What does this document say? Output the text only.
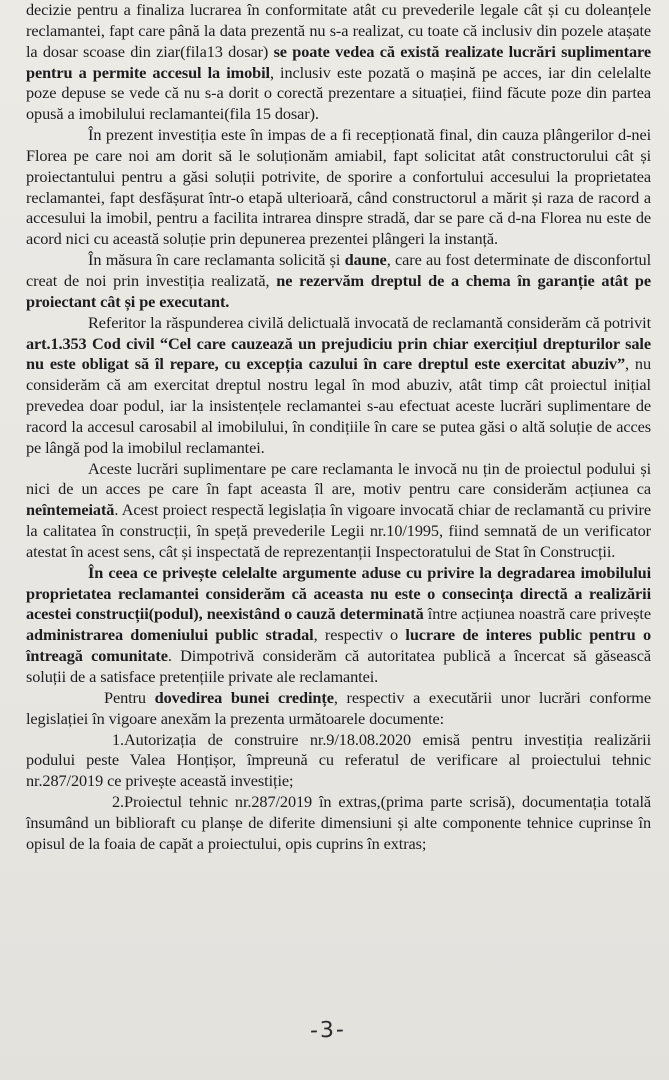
decizie pentru a finaliza lucrarea în conformitate atât cu prevederile legale cât și cu doleanțele reclamantei, fapt care până la data prezentă nu s-a realizat, cu toate că inclusiv din pozele atașate la dosar scoase din ziar(fila13 dosar) se poate vedea că există realizate lucrări suplimentare pentru a permite accesul la imobil, inclusiv este pozată o mașină pe acces, iar din celelalte poze depuse se vede că nu s-a dorit o corectă prezentare a situației, fiind făcute poze din partea opusă a imobilului reclamantei(fila 15 dosar).

În prezent investiția este în impas de a fi recepționată final, din cauza plângerilor d-nei Florea pe care noi am dorit să le soluționăm amiabil, fapt solicitat atât constructorului cât și proiectantului pentru a găsi soluții potrivite, de sporire a confortului accesului la proprietatea reclamantei, fapt desfășurat într-o etapă ulterioară, când constructorul a mărit și raza de racord a accesului la imobil, pentru a facilita intrarea dinspre stradă, dar se pare că d-na Florea nu este de acord nici cu această soluție prin depunerea prezentei plângeri la instanță.

În măsura în care reclamanta solicită și daune, care au fost determinate de disconfortul creat de noi prin investiția realizată, ne rezervăm dreptul de a chema în garanție atât pe proiectant cât și pe executant.

Referitor la răspunderea civilă delictuală invocată de reclamantă considerăm că potrivit art.1.353 Cod civil “Cel care cauzează un prejudiciu prin chiar exercițiul drepturilor sale nu este obligat să îl repare, cu excepția cazului în care dreptul este exercitat abuziv”, nu considerăm că am exercitat dreptul nostru legal în mod abuziv, atât timp cât proiectul inițial prevedea doar podul, iar la insistențele reclamantei s-au efectuat aceste lucrări suplimentare de racord la accesul carosabil al imobilului, în condițiile în care se putea găsi o altă soluție de acces pe lângă pod la imobilul reclamantei.

Aceste lucrări suplimentare pe care reclamanta le invocă nu țin de proiectul podului și nici de un acces pe care în fapt aceasta îl are, motiv pentru care considerăm acțiunea ca neîntemeiată. Acest proiect respectă legislația în vigoare invocată chiar de reclamantă cu privire la calitatea în construcții, în speță prevederile Legii nr.10/1995, fiind semnată de un verificator atestat în acest sens, cât și inspectată de reprezentanții Inspectoratului de Stat în Construcții.

În ceea ce privește celelalte argumente aduse cu privire la degradarea imobilului proprietatea reclamantei considerăm că aceasta nu este o consecința directă a realizării acestei construcții(podul), neexistând o cauză determinată între acțiunea noastră care privește administrarea domeniului public stradal, respectiv o lucrare de interes public pentru o întreagă comunitate. Dimpotrivă considerăm că autoritatea publică a încercat să găsească soluții de a satisface pretențiile private ale reclamantei.

Pentru dovedirea bunei credințe, respectiv a executării unor lucrări conforme legislației în vigoare anexăm la prezenta următoarele documente:

1.Autorizația de construire nr.9/18.08.2020 emisă pentru investiția realizării podului peste Valea Honțișor, împreună cu referatul de verificare al proiectului tehnic nr.287/2019 ce privește această investiție;

2.Proiectul tehnic nr.287/2019 în extras,(prima parte scrisă), documentația totală însumând un biblioraft cu planșe de diferite dimensiuni și alte componente tehnice cuprinse în opisul de la foaia de capăt a proiectului, opis cuprins în extras;

-3-
